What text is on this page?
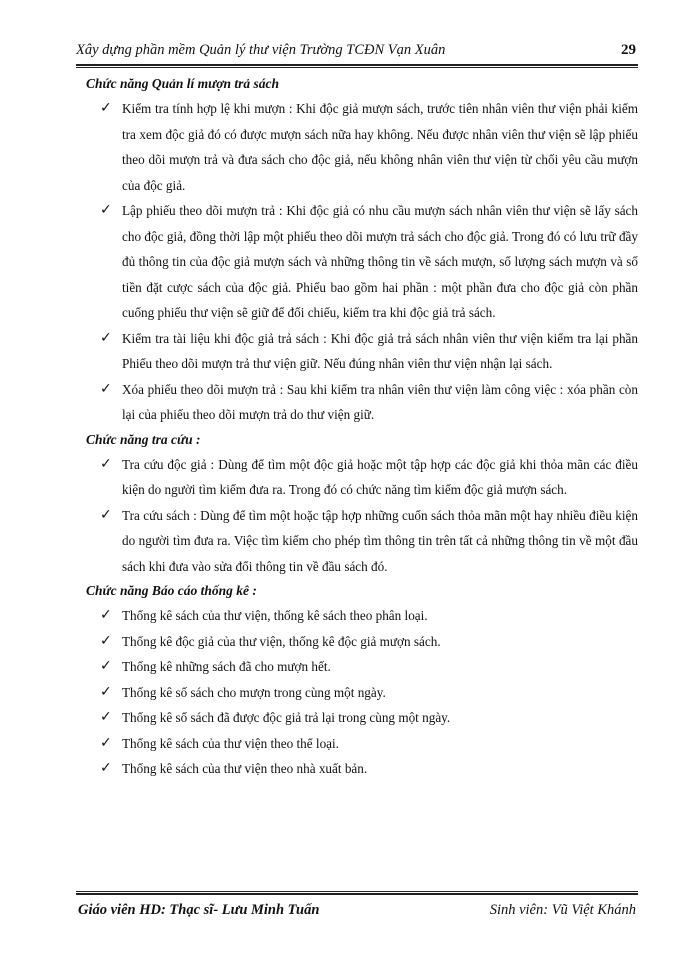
Xây dựng phần mềm Quản lý thư viện Trường TCĐN Vạn Xuân	29

Chức năng Quản lí mượn trả sách

✓ Kiểm tra tính hợp lệ khi mượn : Khi độc giả mượn sách, trước tiên nhân viên thư viện phải kiểm tra xem độc giả đó có được mượn sách nữa hay không. Nếu được nhân viên thư viện sẽ lập phiếu theo dõi mượn trả và đưa sách cho độc giả, nếu không nhân viên thư viện từ chối yêu cầu mượn của độc giả.
✓ Lập phiếu theo dõi mượn trả : Khi độc giả có nhu cầu mượn sách nhân viên thư viện sẽ lấy sách cho độc giả, đồng thời lập một phiếu theo dõi mượn trả sách cho độc giả. Trong đó có lưu trữ đầy đủ thông tin của độc giả mượn sách và những thông tin về sách mượn, số lượng sách mượn và số tiền đặt cược sách của độc giả. Phiếu bao gồm hai phần : một phần đưa cho độc giả còn phần cuống phiếu thư viện sẽ giữ để đối chiếu, kiểm tra khi độc giả trả sách.
✓ Kiểm tra tài liệu khi độc giả trả sách : Khi độc giả trả sách nhân viên thư viện kiểm tra lại phần Phiếu theo dõi mượn trả thư viện giữ. Nếu đúng nhân viên thư viện nhận lại sách.
✓ Xóa phiếu theo dõi mượn trả : Sau khi kiểm tra nhân viên thư viện làm công việc : xóa phần còn lại của phiếu theo dõi mượn trả do thư viện giữ.

Chức năng tra cứu :

✓ Tra cứu độc giả : Dùng để tìm một độc giả hoặc một tập hợp các độc giả khi thỏa mãn các điều kiện do người tìm kiếm đưa ra. Trong đó có chức năng tìm kiếm độc giả mượn sách.
✓ Tra cứu sách : Dùng để tìm một hoặc tập hợp những cuốn sách thỏa mãn một hay nhiều điều kiện do người tìm đưa ra. Việc tìm kiếm cho phép tìm thông tin trên tất cả những thông tin về một đầu sách khi đưa vào sửa đổi thông tin về đầu sách đó.

Chức năng Báo cáo thống kê :

✓ Thống kê sách của thư viện, thống kê sách theo phân loại.
✓ Thống kê độc giả của thư viện, thống kê độc giả mượn sách.
✓ Thống kê những sách đã cho mượn hết.
✓ Thống kê số sách cho mượn trong cùng một ngày.
✓ Thống kê số sách đã được độc giả trả lại trong cùng một ngày.
✓ Thống kê sách của thư viện theo thể loại.
✓ Thống kê sách của thư viện theo nhà xuất bản.
Giáo viên HD: Thạc sĩ- Lưu Minh Tuấn	Sinh viên: Vũ Việt Khánh
